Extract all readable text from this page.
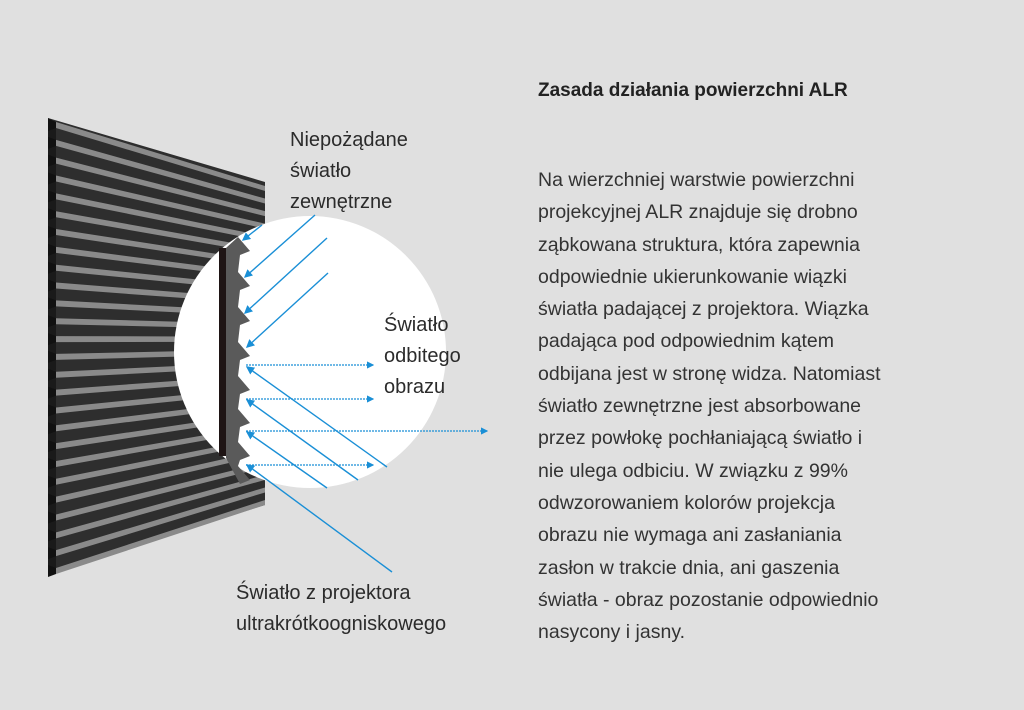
Niepożądane
światło
zewnętrzne
Światło
odbitego
obrazu
Światło z projektora
ultrakrótkoogniskowego
Zasada działania powierzchni ALR
Na wierzchniej warstwie powierzchni
projekcyjnej ALR znajduje się drobno
ząbkowana struktura, która zapewnia
odpowiednie ukierunkowanie wiązki
światła padającej z projektora. Wiązka
padająca pod odpowiednim kątem
odbijana jest w stronę widza. Natomiast
światło zewnętrzne jest absorbowane
przez powłokę pochłaniającą światło i
nie ulega odbiciu. W związku z 99%
odwzorowaniem kolorów projekcja
obrazu nie wymaga ani zasłaniania
zasłon w trakcie dnia, ani gaszenia
światła - obraz pozostanie odpowiednio
nasycony i jasny.
